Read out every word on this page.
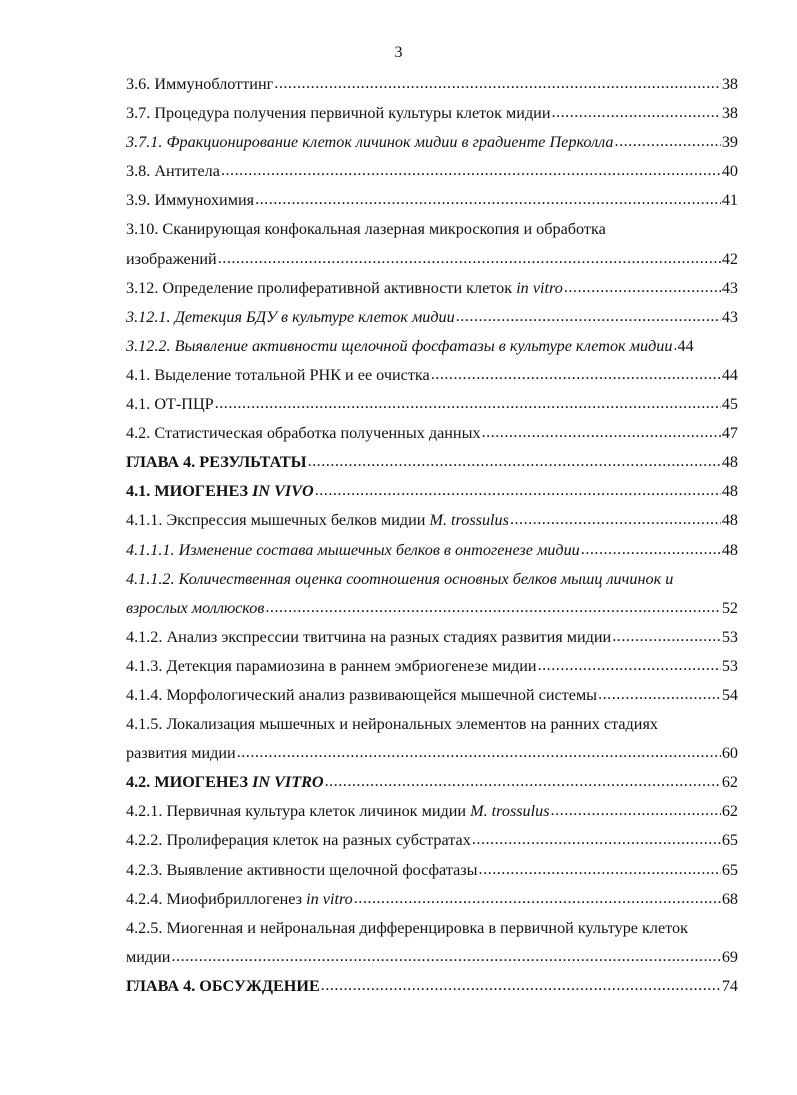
3
3.6. Иммуноблоттинг .....	38
3.7. Процедура получения первичной культуры клеток мидии .....	38
3.7.1. Фракционирование клеток личинок мидии в градиенте Перколла .....	39
3.8. Антитела .....	40
3.9. Иммунохимия .....	41
3.10. Сканирующая конфокальная лазерная микроскопия и обработка
изображений .....	42
3.12. Определение пролиферативной активности клеток in vitro .....	43
3.12.1. Детекция БДУ в культуре клеток мидии .....	43
3.12.2. Выявление активности щелочной фосфатазы в культуре клеток мидии ..... 44
4.1. Выделение тотальной РНК и ее очистка .....	44
4.1. ОТ-ПЦР .....	45
4.2. Статистическая обработка полученных данных .....	47
ГЛАВА 4. РЕЗУЛЬТАТЫ .....	48
4.1. МИОГЕНЕЗ IN VIVO .....	48
4.1.1. Экспрессия мышечных белков мидии M. trossulus .....	48
4.1.1.1. Изменение состава мышечных белков в онтогенезе мидии .....	48
4.1.1.2. Количественная оценка соотношения основных белков мышц личинок и
взрослых моллюсков .....	52
4.1.2. Анализ экспрессии твитчина на разных стадиях развития мидии .....	53
4.1.3. Детекция парамиозина в раннем эмбриогенезе мидии .....	53
4.1.4. Морфологический анализ развивающейся мышечной системы .....	54
4.1.5. Локализация мышечных и нейрональных элементов на ранних стадиях
развития мидии .....	60
4.2. МИОГЕНЕЗ IN VITRO .....	62
4.2.1. Первичная культура клеток личинок мидии M. trossulus .....	62
4.2.2. Пролиферация клеток на разных субстратах .....	65
4.2.3. Выявление активности щелочной фосфатазы .....	65
4.2.4. Миофибриллогенез in vitro .....	68
4.2.5. Миогенная и нейрональная дифференцировка в первичной культуре клеток
мидии .....	69
ГЛАВА 4. ОБСУЖДЕНИЕ .....	74
